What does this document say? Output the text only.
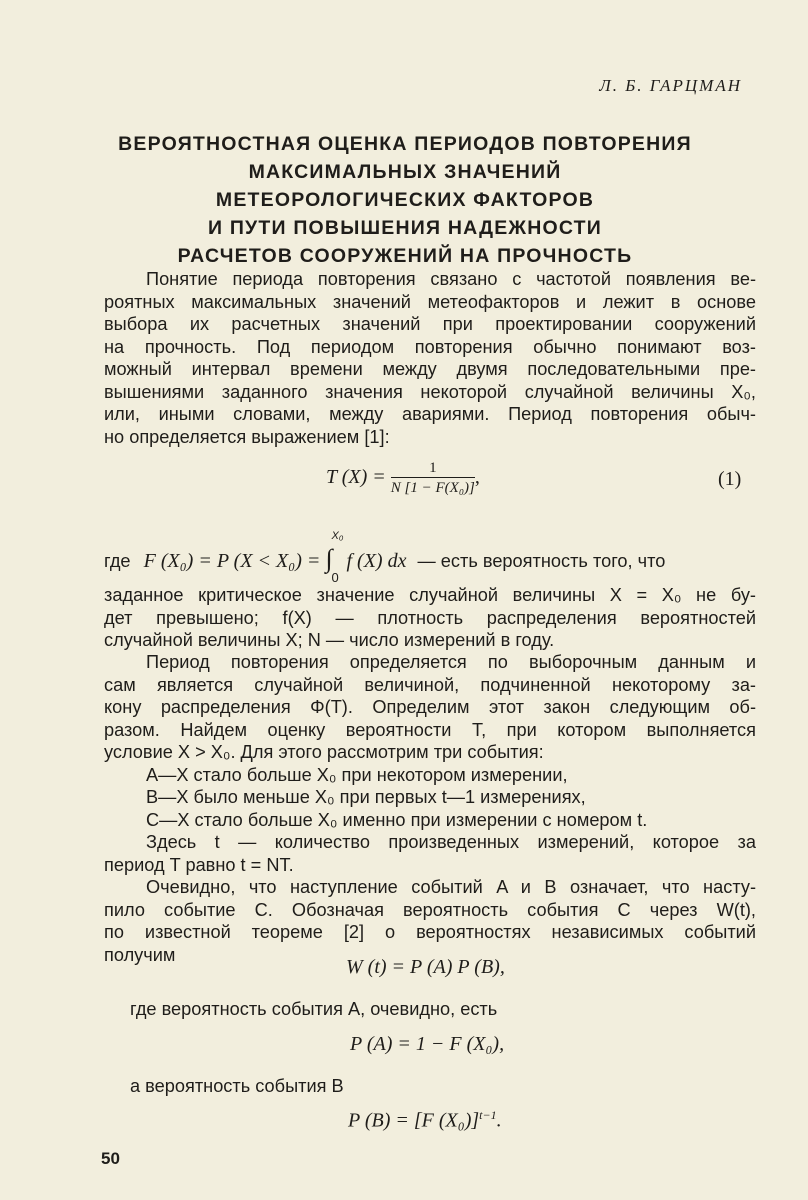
Л. Б. ГАРЦМАН
ВЕРОЯТНОСТНАЯ ОЦЕНКА ПЕРИОДОВ ПОВТОРЕНИЯ
МАКСИМАЛЬНЫХ ЗНАЧЕНИЙ
МЕТЕОРОЛОГИЧЕСКИХ ФАКТОРОВ
И ПУТИ ПОВЫШЕНИЯ НАДЕЖНОСТИ
РАСЧЕТОВ СООРУЖЕНИЙ НА ПРОЧНОСТЬ
Понятие периода повторения связано с частотой появления ве-
роятных максимальных значений метеофакторов и лежит в основе
выбора их расчетных значений при проектировании сооружений
на прочность. Под периодом повторения обычно понимают воз-
можный интервал времени между двумя последовательными пре-
вышениями заданного значения некоторой случайной величины X₀,
или, иными словами, между авариями. Период повторения обыч-
но определяется выражением [1]:
T $(X) = \frac{1}{\text{N [1 − F(X₀)]}}$ ,	(1)
где F (X₀) = P (X < X₀) =
X₀
∫
0
f (X) dx — есть вероятность того, что
заданное критическое значение случайной величины X = X₀ не бу-
дет превышено; f(X) — плотность распределения вероятностей
случайной величины X; N — число измерений в году.
Период повторения определяется по выборочным данным и
сам является случайной величиной, подчиненной некоторому за-
кону распределения Φ(T). Определим этот закон следующим об-
разом. Найдем оценку вероятности T, при котором выполняется
условие X > X₀. Для этого рассмотрим три события:
A—X стало больше X₀ при некотором измерении,
B—X было меньше X₀ при первых t—1 измерениях,
C—X стало больше X₀ именно при измерении с номером t.
Здесь t — количество произведенных измерений, которое за
период T равно t = NT.
Очевидно, что наступление событий A и B означает, что насту-
пило событие C. Обозначая вероятность события C через W(t),
по известной теореме [2] о вероятностях независимых событий
получим
W (t) = P (A) P (B),
где вероятность события A, очевидно, есть
P (A) = 1 − F (X₀),
а вероятность события B
P (B) = [F (X₀)]$^{t-1}$.
50
